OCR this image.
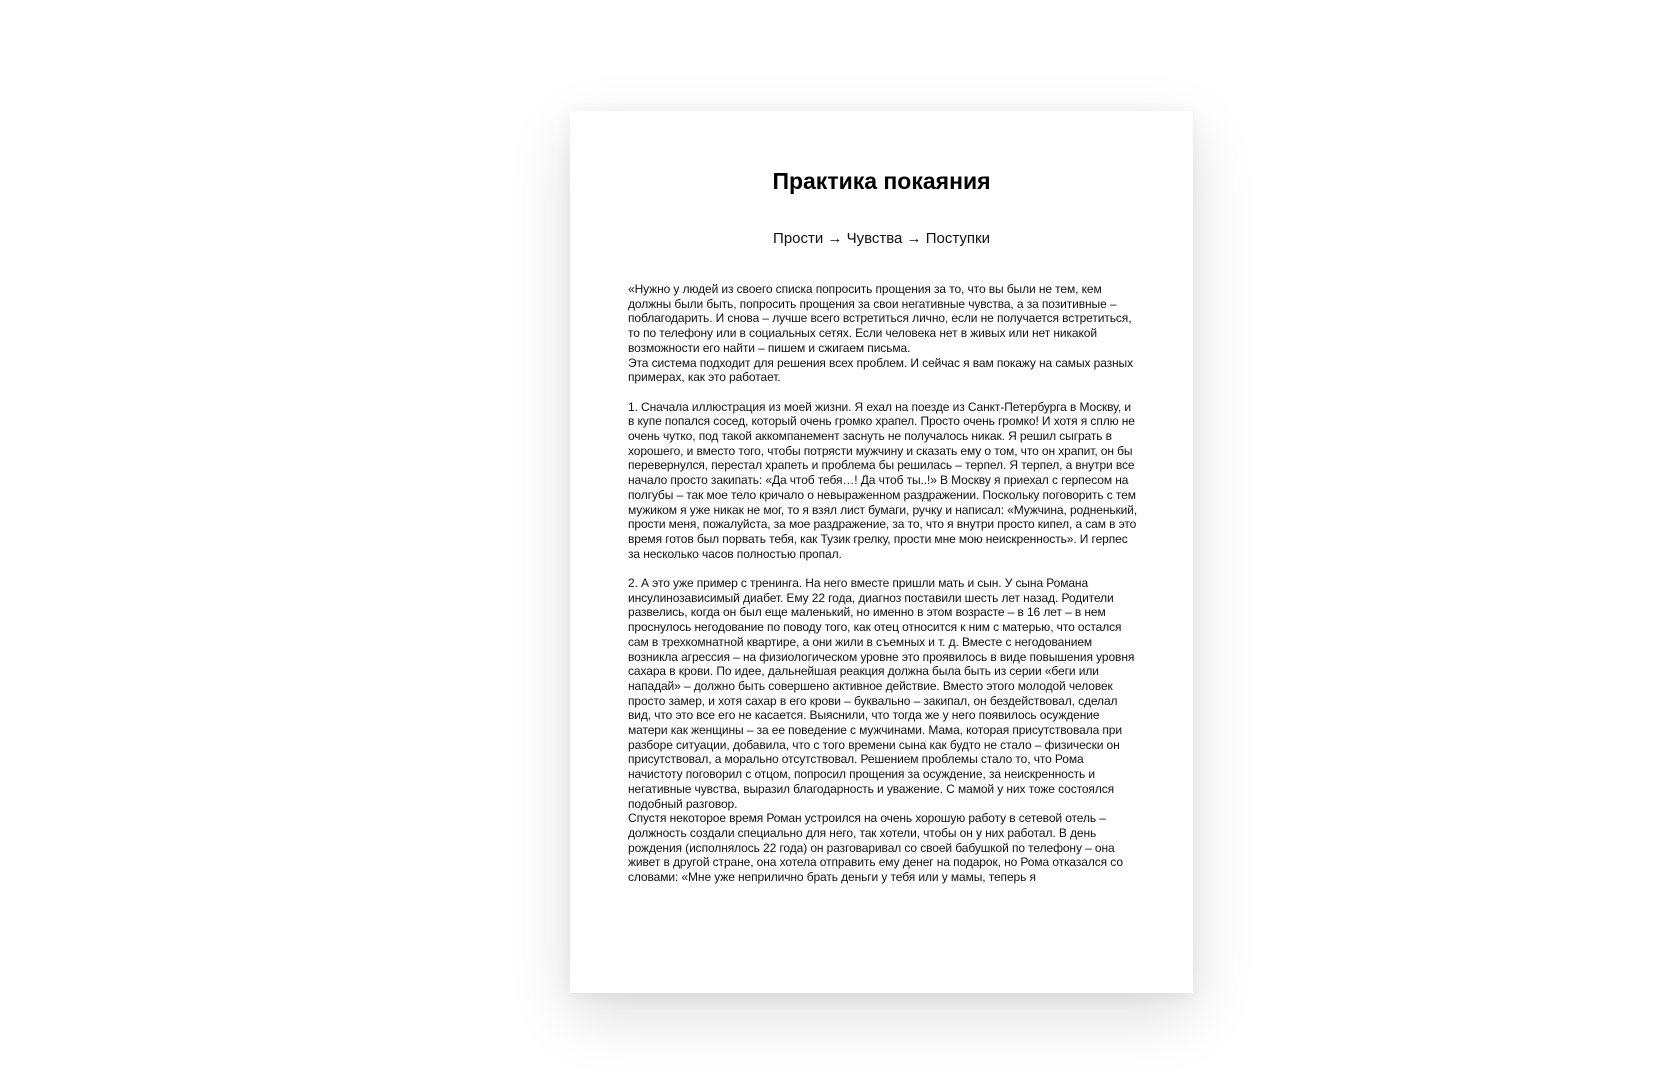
Практика покаяния

Прости → Чувства → Поступки

«Нужно у людей из своего списка попросить прощения за то, что вы были не тем, кем должны были быть, попросить прощения за свои негативные чувства, а за позитивные – поблагодарить. И снова – лучше всего встретиться лично, если не получается встретиться, то по телефону или в социальных сетях. Если человека нет в живых или нет никакой возможности его найти – пишем и сжигаем письма.

Эта система подходит для решения всех проблем. И сейчас я вам покажу на самых разных примерах, как это работает.

1. Сначала иллюстрация из моей жизни. Я ехал на поезде из Санкт-Петербурга в Москву, и в купе попался сосед, который очень громко храпел. Просто очень громко! И хотя я сплю не очень чутко, под такой аккомпанемент заснуть не получалось никак. Я решил сыграть в хорошего, и вместо того, чтобы потрясти мужчину и сказать ему о том, что он храпит, он бы перевернулся, перестал храпеть и проблема бы решилась – терпел. Я терпел, а внутри все начало просто закипать: «Да чтоб тебя…! Да чтоб ты..!» В Москву я приехал с герпесом на полгубы – так мое тело кричало о невыраженном раздражении. Поскольку поговорить с тем мужиком я уже никак не мог, то я взял лист бумаги, ручку и написал: «Мужчина, родненький, прости меня, пожалуйста, за мое раздражение, за то, что я внутри просто кипел, а сам в это время готов был порвать тебя, как Тузик грелку, прости мне мою неискренность». И герпес за несколько часов полностью пропал.

2. А это уже пример с тренинга. На него вместе пришли мать и сын. У сына Романа инсулинозависимый диабет. Ему 22 года, диагноз поставили шесть лет назад. Родители развелись, когда он был еще маленький, но именно в этом возрасте – в 16 лет – в нем проснулось негодование по поводу того, как отец относится к ним с матерью, что остался сам в трехкомнатной квартире, а они жили в съемных и т. д. Вместе с негодованием возникла агрессия – на физиологическом уровне это проявилось в виде повышения уровня сахара в крови. По идее, дальнейшая реакция должна была быть из серии «беги или нападай» – должно быть совершено активное действие. Вместо этого молодой человек просто замер, и хотя сахар в его крови – буквально – закипал, он бездействовал, сделал вид, что это все его не касается. Выяснили, что тогда же у него появилось осуждение матери как женщины – за ее поведение с мужчинами. Мама, которая присутствовала при разборе ситуации, добавила, что с того времени сына как будто не стало – физически он присутствовал, а морально отсутствовал. Решением проблемы стало то, что Рома начистоту поговорил с отцом, попросил прощения за осуждение, за неискренность и негативные чувства, выразил благодарность и уважение. С мамой у них тоже состоялся подобный разговор.

Спустя некоторое время Роман устроился на очень хорошую работу в сетевой отель – должность создали специально для него, так хотели, чтобы он у них работал. В день рождения (исполнялось 22 года) он разговаривал со своей бабушкой по телефону – она живет в другой стране, она хотела отправить ему денег на подарок, но Рома отказался со словами: «Мне уже неприлично брать деньги у тебя или у мамы, теперь я
